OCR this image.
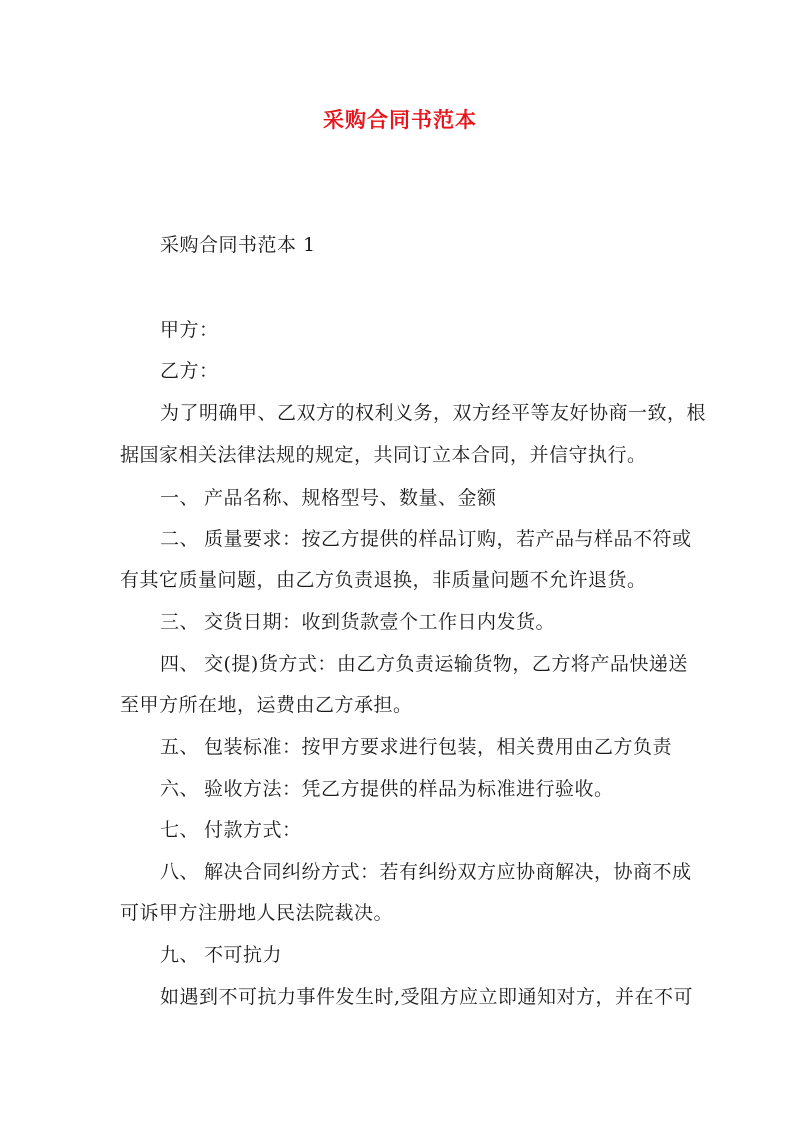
采购合同书范本
采购合同书范本 1
甲方：
乙方：
为了明确甲、乙双方的权利义务，双方经平等友好协商一致，根
据国家相关法律法规的规定，共同订立本合同，并信守执行。
一、 产品名称、规格型号、数量、金额
二、 质量要求：按乙方提供的样品订购，若产品与样品不符或
有其它质量问题，由乙方负责退换，非质量问题不允许退货。
三、 交货日期：收到货款壹个工作日内发货。
四、 交(提)货方式：由乙方负责运输货物，乙方将产品快递送
至甲方所在地，运费由乙方承担。
五、 包装标准：按甲方要求进行包装，相关费用由乙方负责
六、 验收方法：凭乙方提供的样品为标准进行验收。
七、 付款方式：
八、 解决合同纠纷方式：若有纠纷双方应协商解决，协商不成
可诉甲方注册地人民法院裁决。
九、 不可抗力
如遇到不可抗力事件发生时,受阻方应立即通知对方，并在不可
